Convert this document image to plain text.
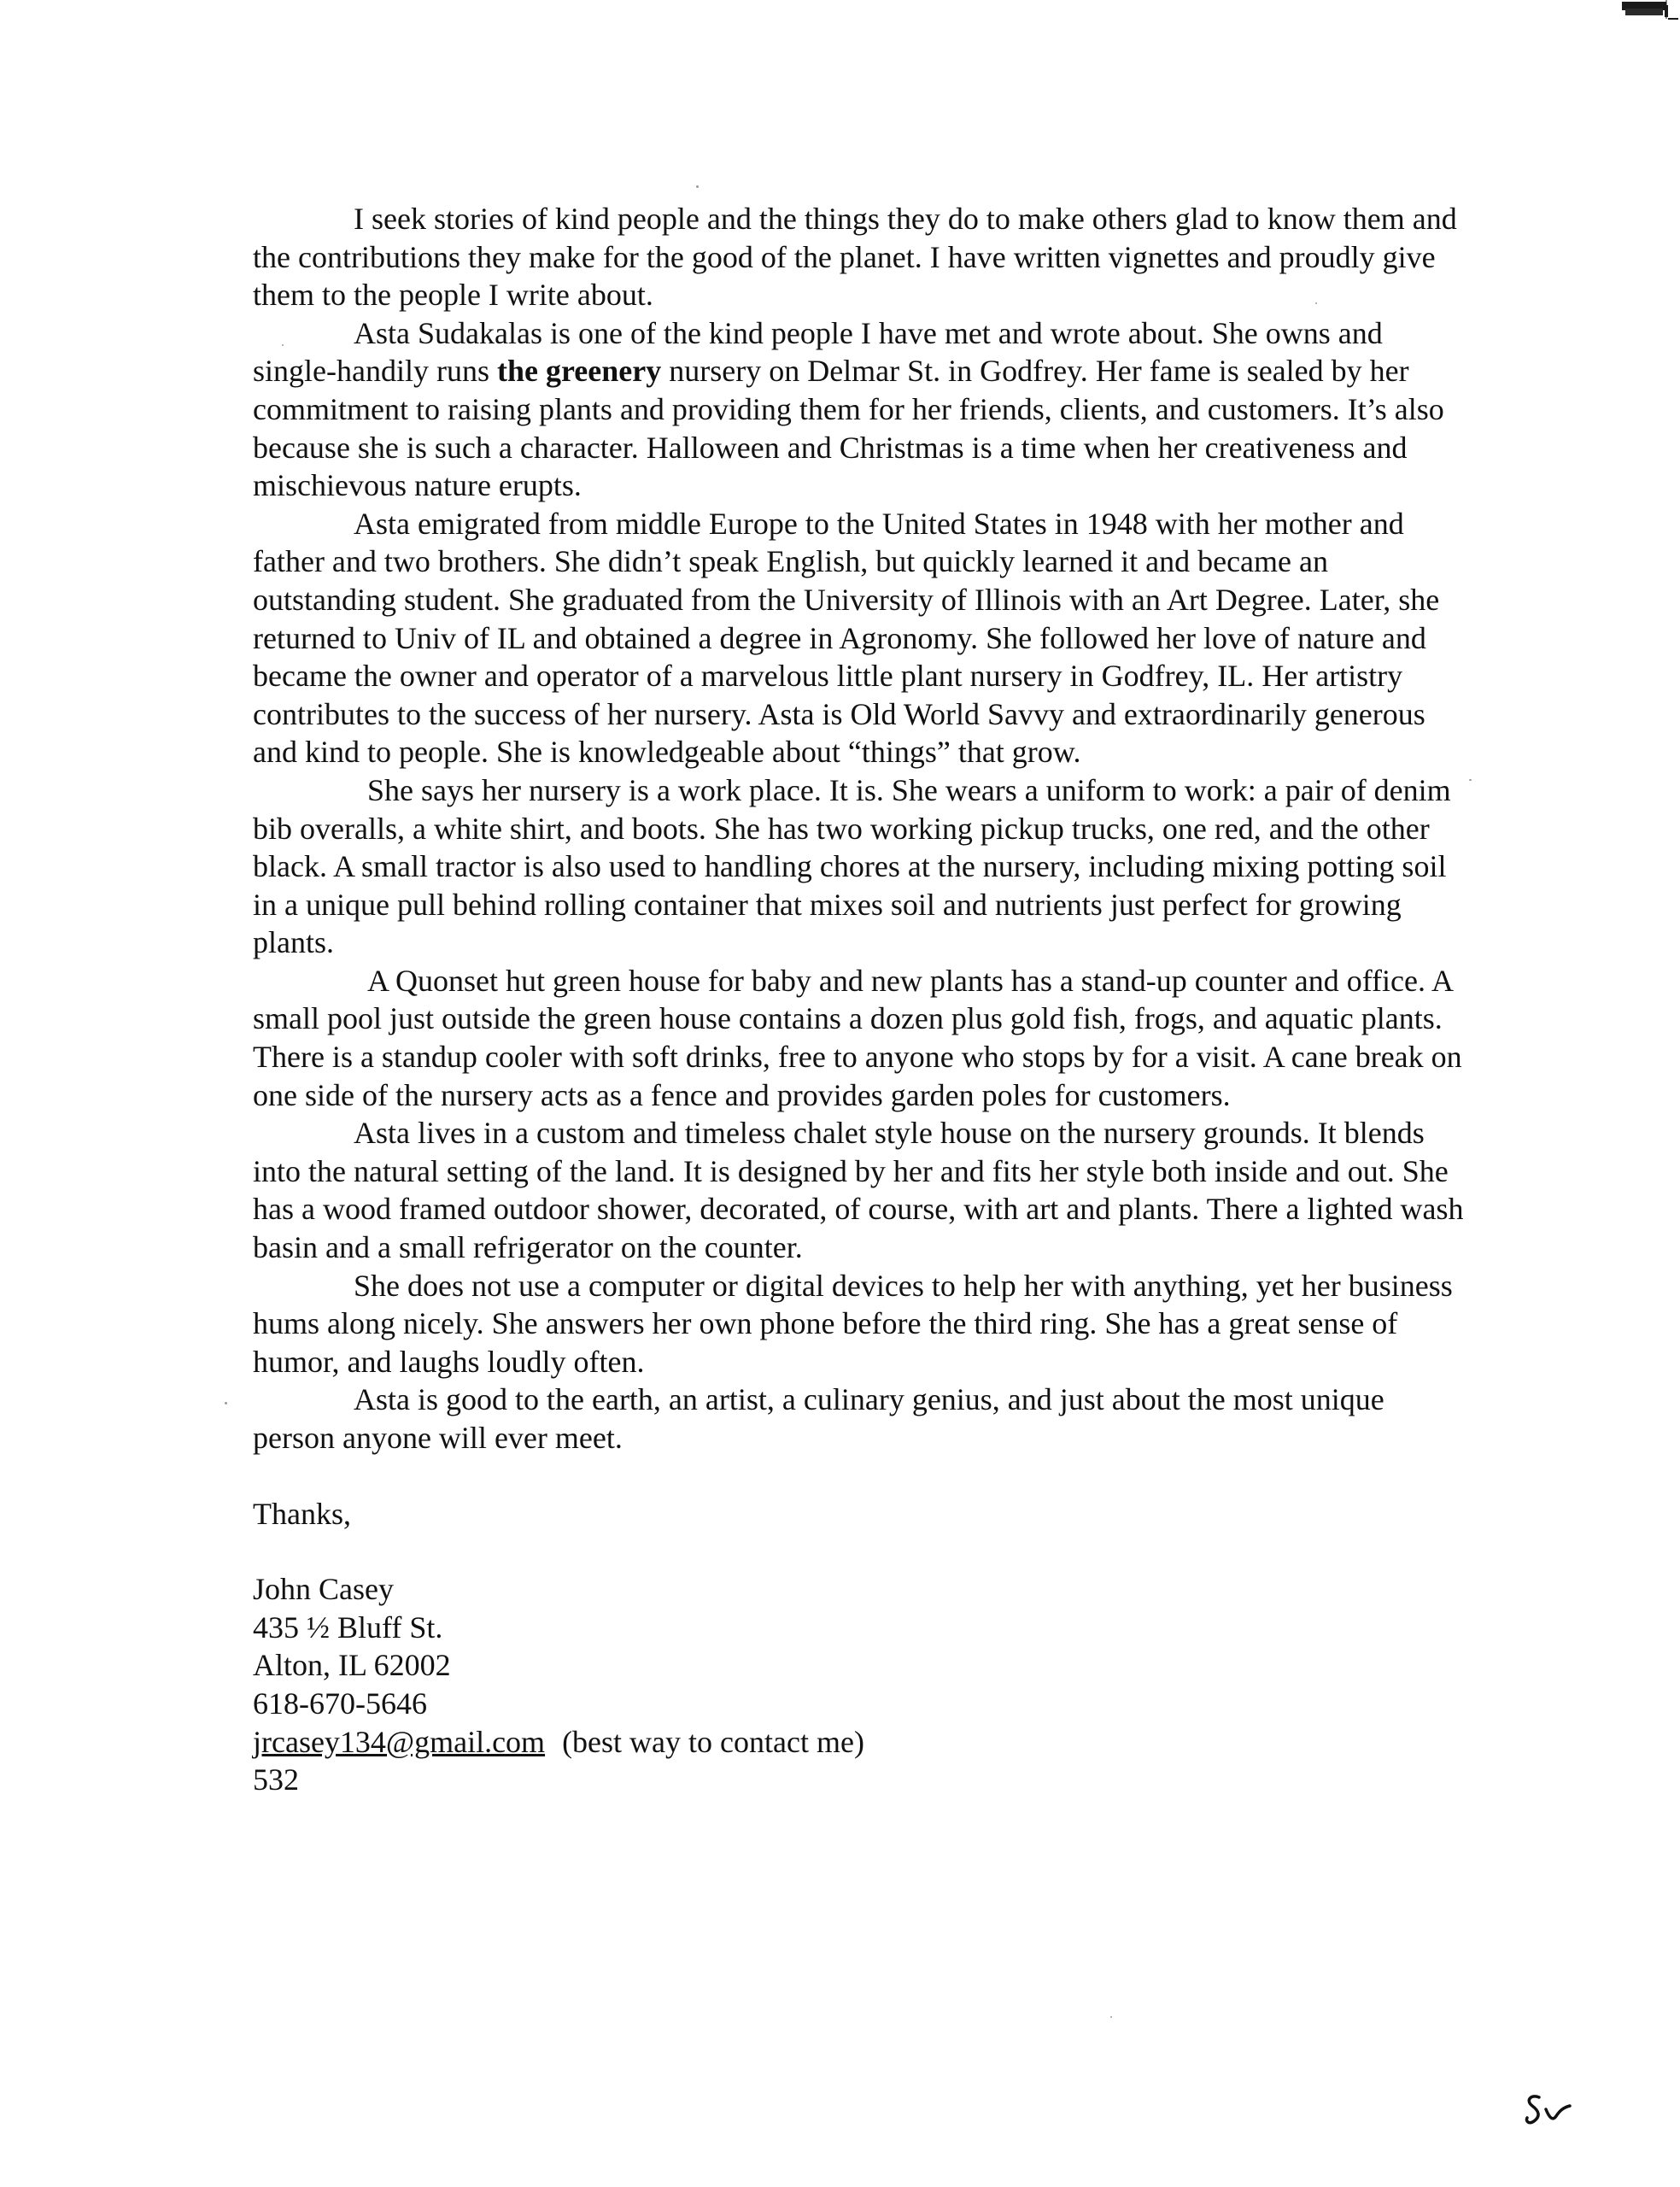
I seek stories of kind people and the things they do to make others glad to know them and the contributions they make for the good of the planet. I have written vignettes and proudly give them to the people I write about.

Asta Sudakalas is one of the kind people I have met and wrote about. She owns and single-handily runs the greenery nursery on Delmar St. in Godfrey. Her fame is sealed by her commitment to raising plants and providing them for her friends, clients, and customers. It’s also because she is such a character. Halloween and Christmas is a time when her creativeness and mischievous nature erupts.

Asta emigrated from middle Europe to the United States in 1948 with her mother and father and two brothers. She didn’t speak English, but quickly learned it and became an outstanding student. She graduated from the University of Illinois with an Art Degree. Later, she returned to Univ of IL and obtained a degree in Agronomy. She followed her love of nature and became the owner and operator of a marvelous little plant nursery in Godfrey, IL. Her artistry contributes to the success of her nursery. Asta is Old World Savvy and extraordinarily generous and kind to people. She is knowledgeable about “things” that grow.

She says her nursery is a work place. It is. She wears a uniform to work: a pair of denim bib overalls, a white shirt, and boots. She has two working pickup trucks, one red, and the other black. A small tractor is also used to handling chores at the nursery, including mixing potting soil in a unique pull behind rolling container that mixes soil and nutrients just perfect for growing plants.

A Quonset hut green house for baby and new plants has a stand-up counter and office. A small pool just outside the green house contains a dozen plus gold fish, frogs, and aquatic plants. There is a standup cooler with soft drinks, free to anyone who stops by for a visit. A cane break on one side of the nursery acts as a fence and provides garden poles for customers.

Asta lives in a custom and timeless chalet style house on the nursery grounds. It blends into the natural setting of the land. It is designed by her and fits her style both inside and out. She has a wood framed outdoor shower, decorated, of course, with art and plants. There a lighted wash basin and a small refrigerator on the counter.

She does not use a computer or digital devices to help her with anything, yet her business hums along nicely. She answers her own phone before the third ring. She has a great sense of humor, and laughs loudly often.

Asta is good to the earth, an artist, a culinary genius, and just about the most unique person anyone will ever meet.

Thanks,

John Casey
435 ½ Bluff St.
Alton, IL 62002
618-670-5646
jrcasey134@gmail.com (best way to contact me)
532
